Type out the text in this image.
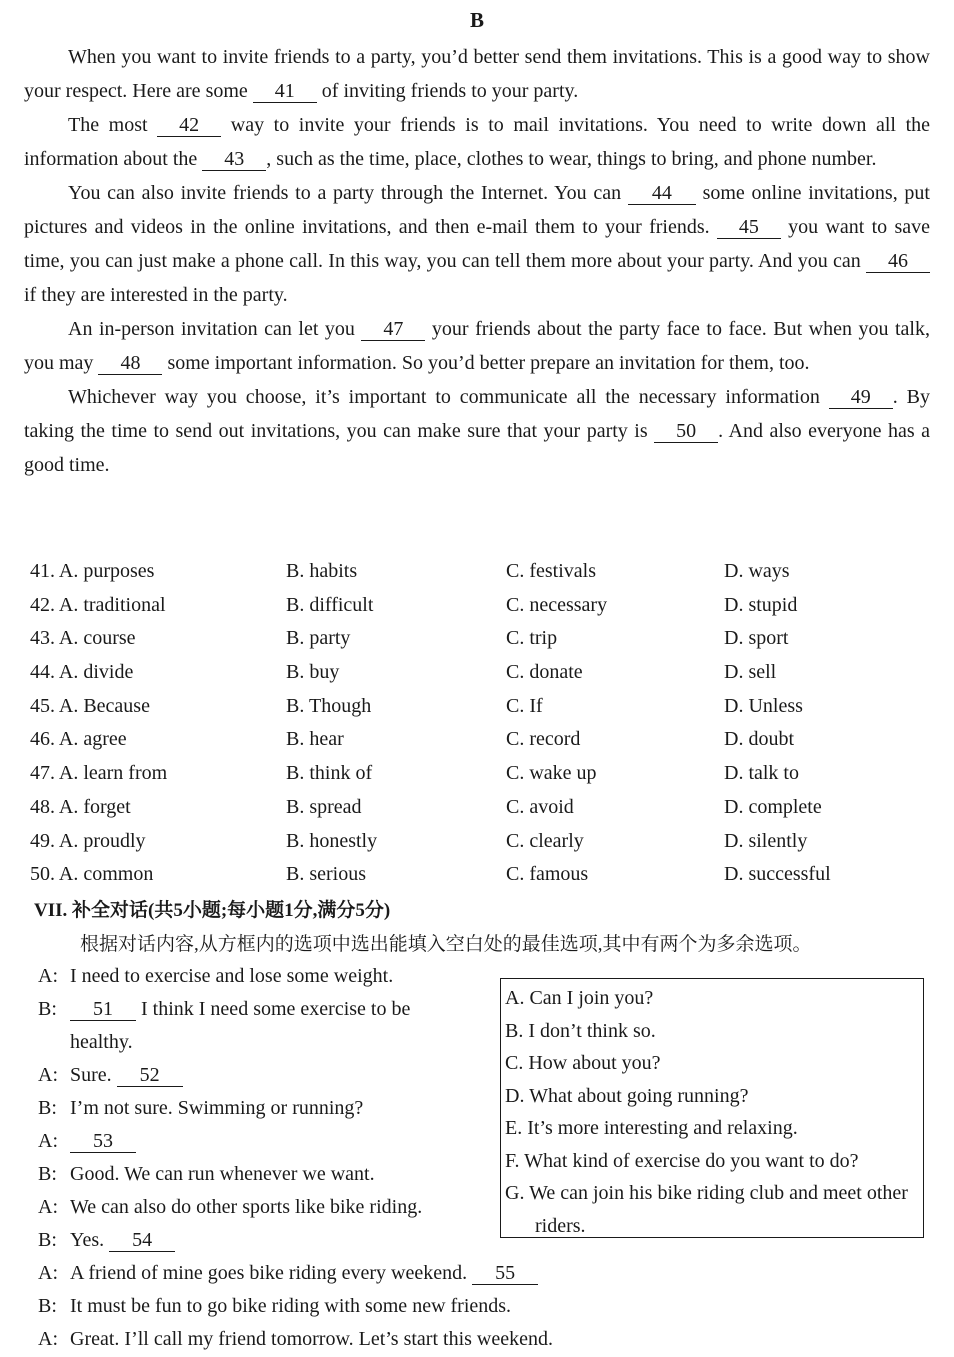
B

When you want to invite friends to a party, you’d better send them invitations. This is a good way to show your respect. Here are some 41 of inviting friends to your party.

The most 42 way to invite your friends is to mail invitations. You need to write down all the information about the 43 , such as the time, place, clothes to wear, things to bring, and phone number.

You can also invite friends to a party through the Internet. You can 44 some online invitations, put pictures and videos in the online invitations, and then e-mail them to your friends. 45 you want to save time, you can just make a phone call. In this way, you can tell them more about your party. And you can 46 if they are interested in the party.

An in-person invitation can let you 47 your friends about the party face to face. But when you talk, you may 48 some important information. So you’d better prepare an invitation for them, too.

Whichever way you choose, it’s important to communicate all the necessary information 49 . By taking the time to send out invitations, you can make sure that your party is 50 . And also everyone has a good time.

41. A. purposes	B. habits	C. festivals	D. ways
42. A. traditional	B. difficult	C. necessary	D. stupid
43. A. course	B. party	C. trip	D. sport
44. A. divide	B. buy	C. donate	D. sell
45. A. Because	B. Though	C. If	D. Unless
46. A. agree	B. hear	C. record	D. doubt
47. A. learn from	B. think of	C. wake up	D. talk to
48. A. forget	B. spread	C. avoid	D. complete
49. A. proudly	B. honestly	C. clearly	D. silently
50. A. common	B. serious	C. famous	D. successful
VII. 补全对话(共5小题;每小题1分,满分5分)
根据对话内容,从方框内的选项中选出能填入空白处的最佳选项,其中有两个为多余选项。

A: I need to exercise and lose some weight.

B: 51 I think I need some exercise to be healthy.

A: Sure. 52

B: I’m not sure. Swimming or running?

A: 53

B: Good. We can run whenever we want.

A: We can also do other sports like bike riding.

B: Yes. 54

A: A friend of mine goes bike riding every weekend. 55

B: It must be fun to go bike riding with some new friends.

A: Great. I’ll call my friend tomorrow. Let’s start this weekend.

A. Can I join you?

B. I don’t think so.

C. How about you?

D. What about going running?

E. It’s more interesting and relaxing.

F. What kind of exercise do you want to do?

G. We can join his bike riding club and meet other riders.
